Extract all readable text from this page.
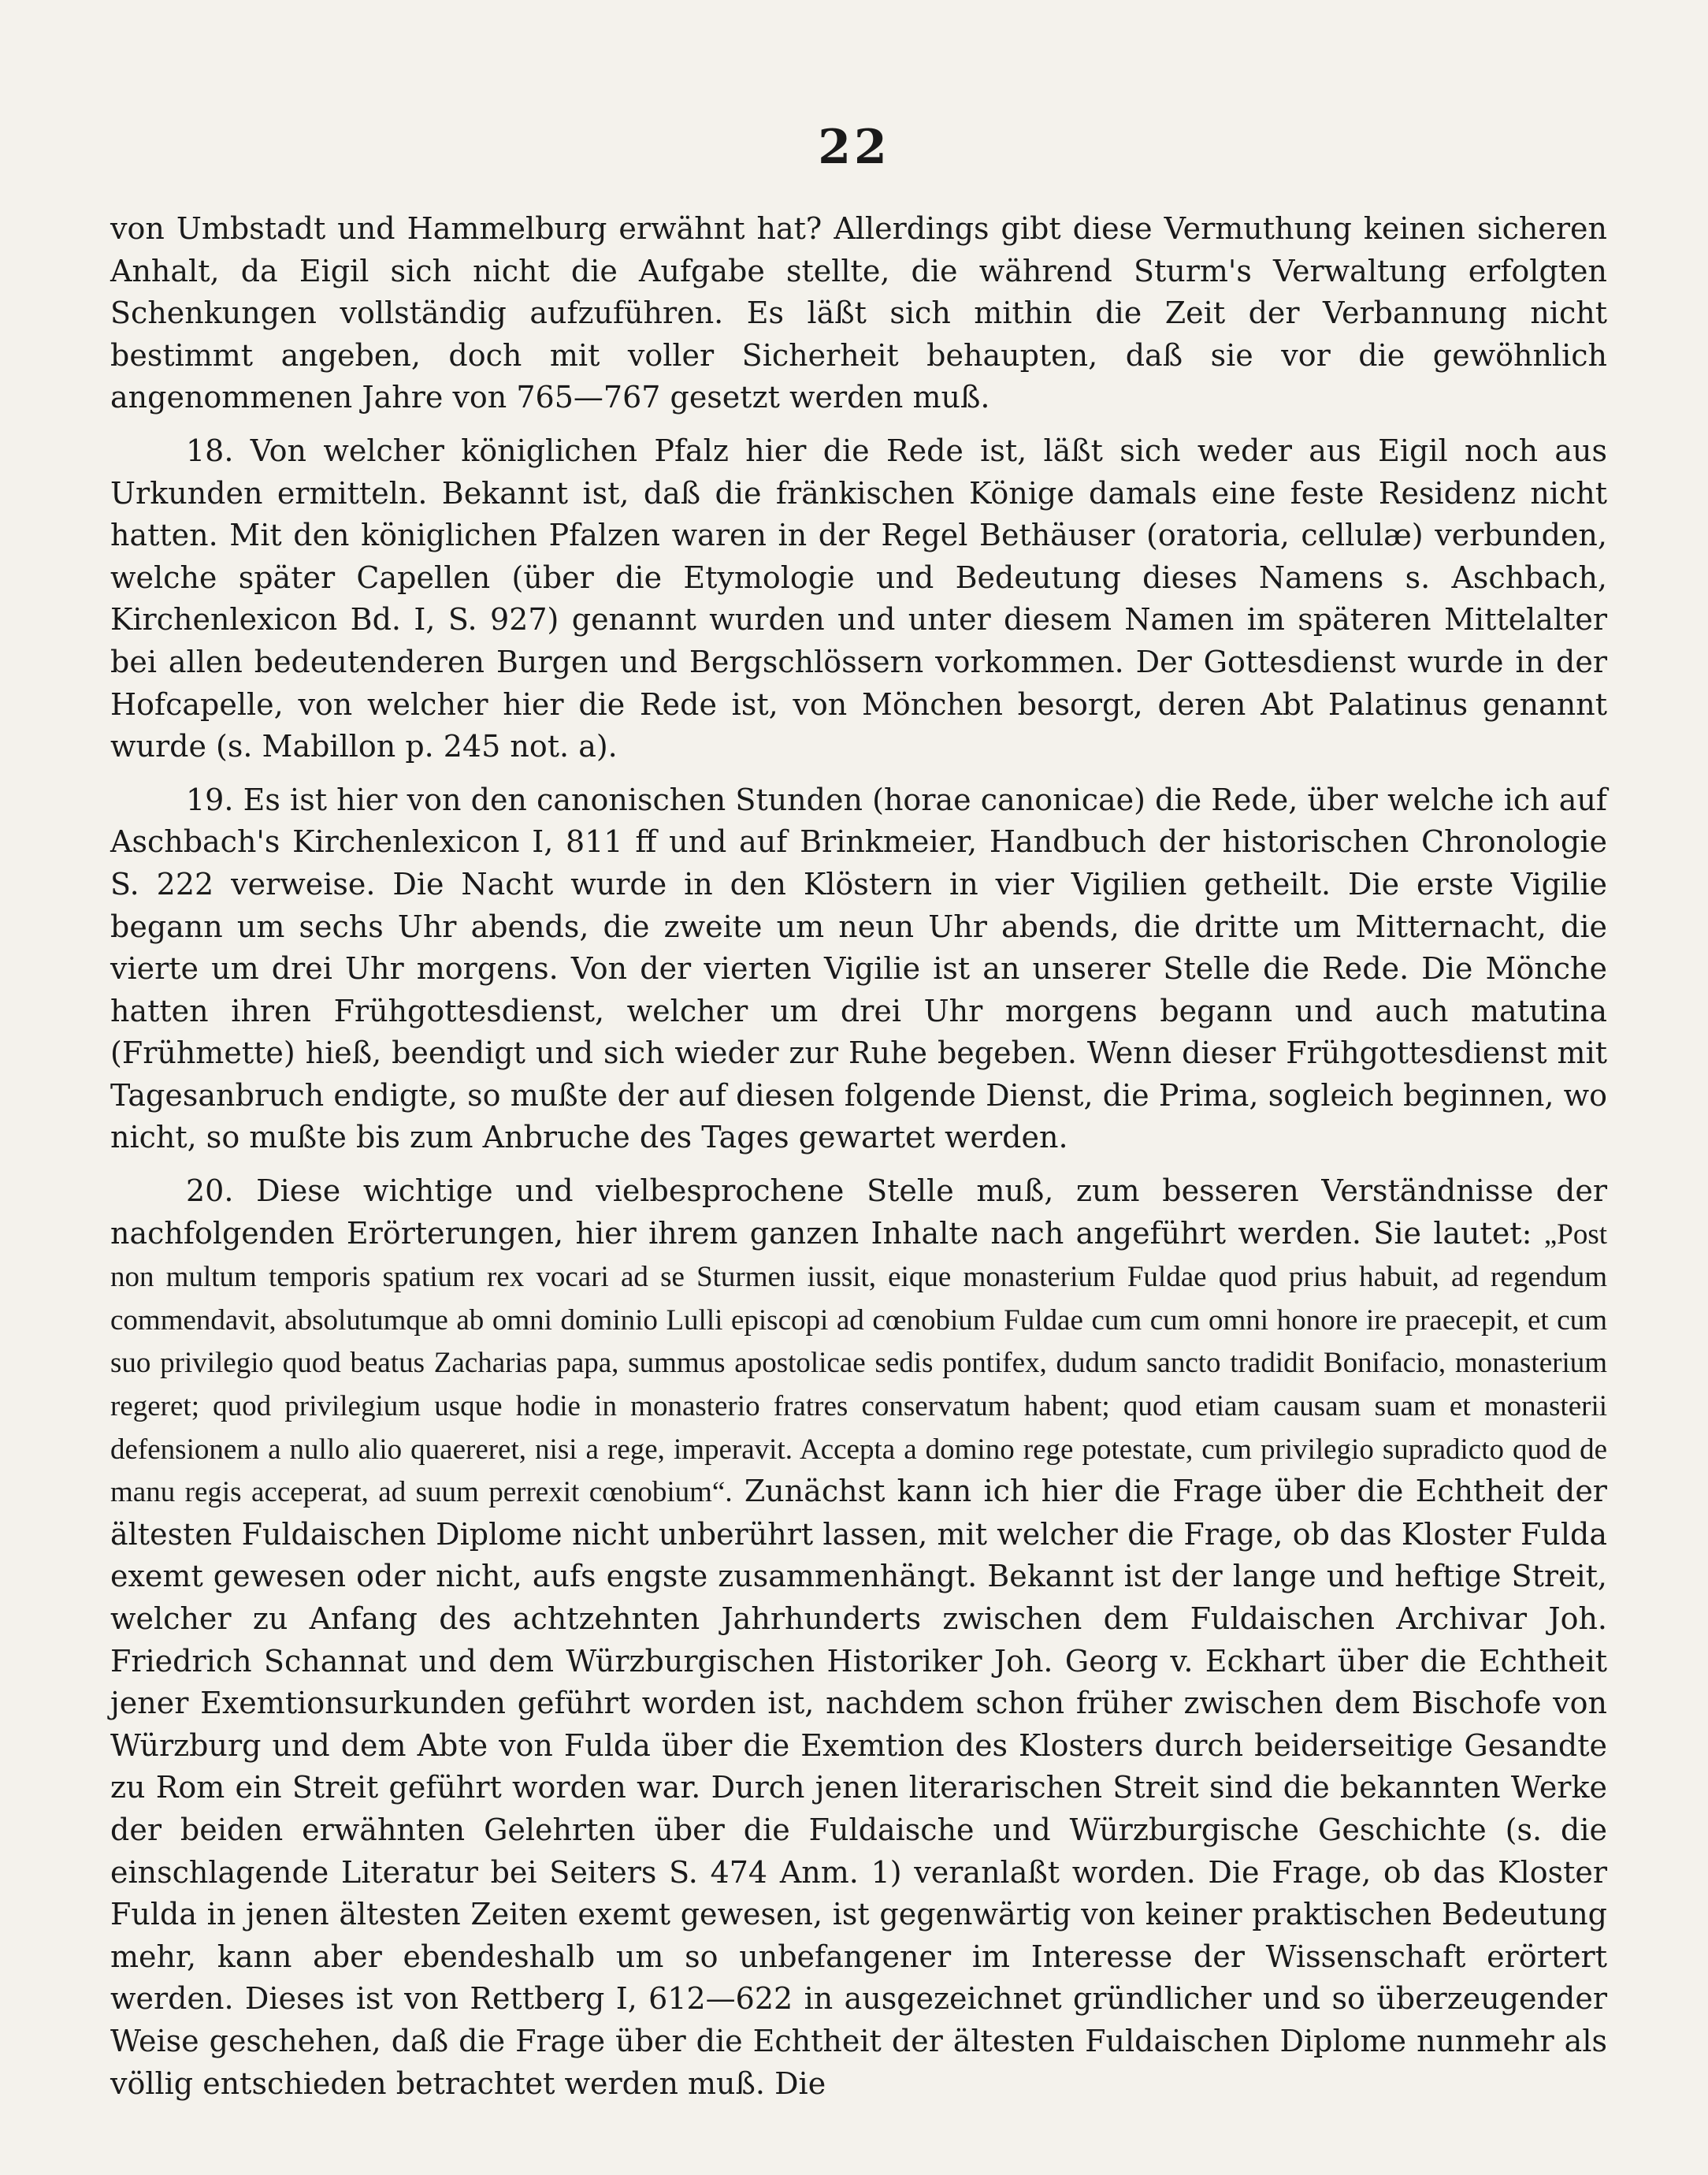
22

von Umbstadt und Hammelburg erwähnt hat? Allerdings gibt diese Vermuthung keinen sicheren Anhalt, da Eigil sich nicht die Aufgabe stellte, die während Sturm's Verwaltung erfolgten Schenkungen vollständig aufzuführen. Es läßt sich mithin die Zeit der Verbannung nicht bestimmt angeben, doch mit voller Sicherheit behaupten, daß sie vor die gewöhnlich angenommenen Jahre von 765—767 gesetzt werden muß.

18. Von welcher königlichen Pfalz hier die Rede ist, läßt sich weder aus Eigil noch aus Urkunden ermitteln. Bekannt ist, daß die fränkischen Könige damals eine feste Residenz nicht hatten. Mit den königlichen Pfalzen waren in der Regel Bethäuser (oratoria, cellulæ) verbunden, welche später Capellen (über die Etymologie und Bedeutung dieses Namens s. Aschbach, Kirchenlexicon Bd. I, S. 927) genannt wurden und unter diesem Namen im späteren Mittelalter bei allen bedeutenderen Burgen und Bergschlössern vorkommen. Der Gottesdienst wurde in der Hofcapelle, von welcher hier die Rede ist, von Mönchen besorgt, deren Abt Palatinus genannt wurde (s. Mabillon p. 245 not. a).

19. Es ist hier von den canonischen Stunden (horae canonicae) die Rede, über welche ich auf Aschbach's Kirchenlexicon I, 811 ff und auf Brinkmeier, Handbuch der historischen Chronologie S. 222 verweise. Die Nacht wurde in den Klöstern in vier Vigilien getheilt. Die erste Vigilie begann um sechs Uhr abends, die zweite um neun Uhr abends, die dritte um Mitternacht, die vierte um drei Uhr morgens. Von der vierten Vigilie ist an unserer Stelle die Rede. Die Mönche hatten ihren Frühgottesdienst, welcher um drei Uhr morgens begann und auch matutina (Frühmette) hieß, beendigt und sich wieder zur Ruhe begeben. Wenn dieser Frühgottesdienst mit Tagesanbruch endigte, so mußte der auf diesen folgende Dienst, die Prima, sogleich beginnen, wo nicht, so mußte bis zum Anbruche des Tages gewartet werden.

20. Diese wichtige und vielbesprochene Stelle muß, zum besseren Verständnisse der nachfolgenden Erörterungen, hier ihrem ganzen Inhalte nach angeführt werden. Sie lautet: „Post non multum temporis spatium rex vocari ad se Sturmen iussit, eique monasterium Fuldae quod prius habuit, ad regendum commendavit, absolutumque ab omni dominio Lulli episcopi ad cœnobium Fuldae cum cum omni honore ire praecepit, et cum suo privilegio quod beatus Zacharias papa, summus apostolicae sedis pontifex, dudum sancto tradidit Bonifacio, monasterium regeret; quod privilegium usque hodie in monasterio fratres conservatum habent; quod etiam causam suam et monasterii defensionem a nullo alio quaereret, nisi a rege, imperavit. Accepta a domino rege potestate, cum privilegio supradicto quod de manu regis acceperat, ad suum perrexit cœnobium“. Zunächst kann ich hier die Frage über die Echtheit der ältesten Fuldaischen Diplome nicht unberührt lassen, mit welcher die Frage, ob das Kloster Fulda exemt gewesen oder nicht, aufs engste zusammenhängt. Bekannt ist der lange und heftige Streit, welcher zu Anfang des achtzehnten Jahrhunderts zwischen dem Fuldaischen Archivar Joh. Friedrich Schannat und dem Würzburgischen Historiker Joh. Georg v. Eckhart über die Echtheit jener Exemtionsurkunden geführt worden ist, nachdem schon früher zwischen dem Bischofe von Würzburg und dem Abte von Fulda über die Exemtion des Klosters durch beiderseitige Gesandte zu Rom ein Streit geführt worden war. Durch jenen literarischen Streit sind die bekannten Werke der beiden erwähnten Gelehrten über die Fuldaische und Würzburgische Geschichte (s. die einschlagende Literatur bei Seiters S. 474 Anm. 1) veranlaßt worden. Die Frage, ob das Kloster Fulda in jenen ältesten Zeiten exemt gewesen, ist gegenwärtig von keiner praktischen Bedeutung mehr, kann aber ebendeshalb um so unbefangener im Interesse der Wissenschaft erörtert werden. Dieses ist von Rettberg I, 612—622 in ausgezeichnet gründlicher und so überzeugender Weise geschehen, daß die Frage über die Echtheit der ältesten Fuldaischen Diplome nunmehr als völlig entschieden betrachtet werden muß. Die
